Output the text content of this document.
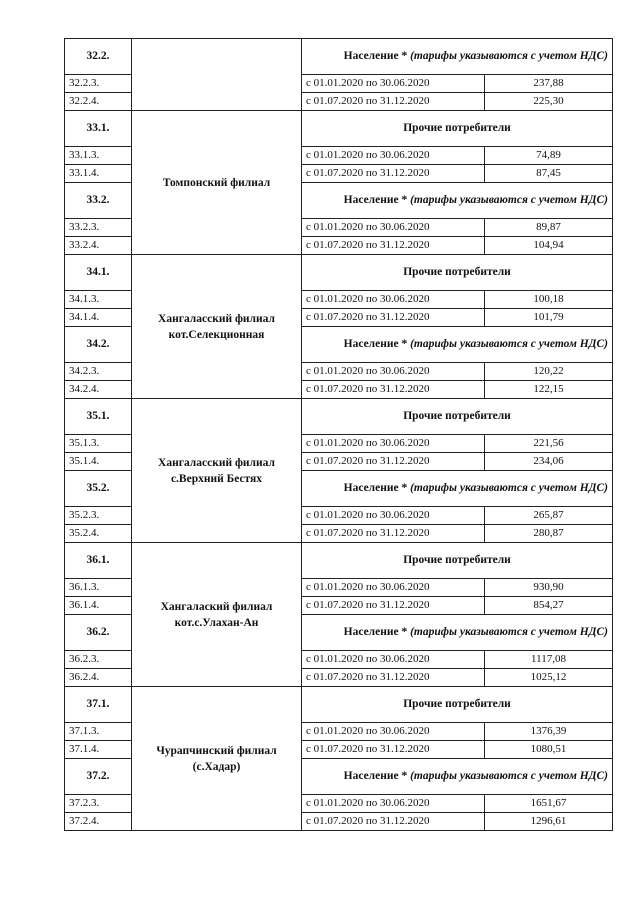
32.2.		Население * (тарифы указываются с учетом НДС)	
32.2.3.		с 01.01.2020 по 30.06.2020	237,88
32.2.4.		с 01.07.2020 по 31.12.2020	225,30
33.1.	Томпонский филиал	Прочие потребители	
33.1.3.		с 01.01.2020 по 30.06.2020	74,89
33.1.4.		с 01.07.2020 по 31.12.2020	87,45
33.2.		Население * (тарифы указываются с учетом НДС)	
33.2.3.		с 01.01.2020 по 30.06.2020	89,87
33.2.4.		с 01.07.2020 по 31.12.2020	104,94
34.1.	Хангаласский филиал кот.Селекционная	Прочие потребители	
34.1.3.		с 01.01.2020 по 30.06.2020	100,18
34.1.4.		с 01.07.2020 по 31.12.2020	101,79
34.2.		Население * (тарифы указываются с учетом НДС)	
34.2.3.		с 01.01.2020 по 30.06.2020	120,22
34.2.4.		с 01.07.2020 по 31.12.2020	122,15
35.1.	Хангаласский филиал с.Верхний Бестях	Прочие потребители	
35.1.3.		с 01.01.2020 по 30.06.2020	221,56
35.1.4.		с 01.07.2020 по 31.12.2020	234,06
35.2.		Население * (тарифы указываются с учетом НДС)	
35.2.3.		с 01.01.2020 по 30.06.2020	265,87
35.2.4.		с 01.07.2020 по 31.12.2020	280,87
36.1.	Хангалаский филиал кот.с.Улахан-Ан	Прочие потребители	
36.1.3.		с 01.01.2020 по 30.06.2020	930,90
36.1.4.		с 01.07.2020 по 31.12.2020	854,27
36.2.		Население * (тарифы указываются с учетом НДС)	
36.2.3.		с 01.01.2020 по 30.06.2020	1117,08
36.2.4.		с 01.07.2020 по 31.12.2020	1025,12
37.1.	Чурапчинский филиал (с.Хадар)	Прочие потребители	
37.1.3.		с 01.01.2020 по 30.06.2020	1376,39
37.1.4.		с 01.07.2020 по 31.12.2020	1080,51
37.2.		Население * (тарифы указываются с учетом НДС)	
37.2.3.		с 01.01.2020 по 30.06.2020	1651,67
37.2.4.		с 01.07.2020 по 31.12.2020	1296,61
